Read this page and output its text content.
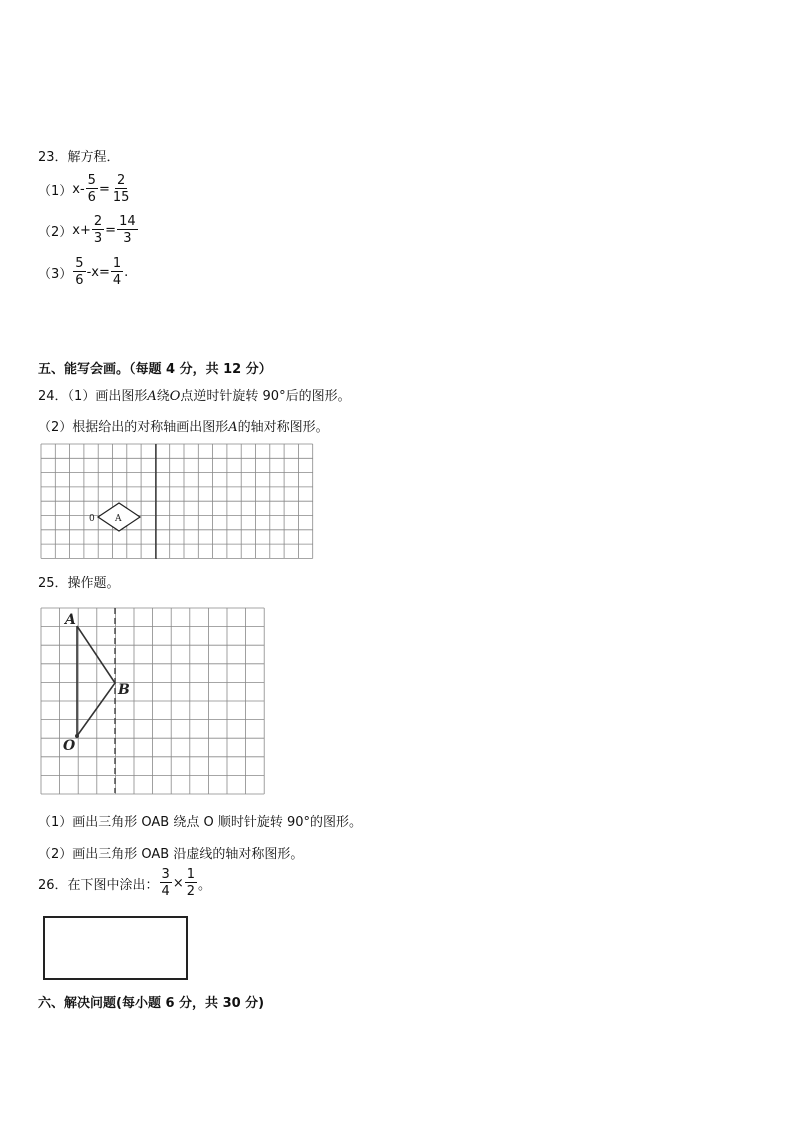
23．解方程．
（1） $x- \frac{5}{6} = \frac{2}{15}$
（2） $x+ \frac{2}{3} = \frac{14}{3}$
$(3) \frac{5}{6} -x= \frac{1}{4}$ .
五、能写会画。（每题 4 分，共 12 分）
24．（1）画出图形A绕O点逆时针旋转 90°后的图形。
（2）根据给出的对称轴画出图形A的轴对称图形。
0 A
25．操作题。
A
B
O
（1）画出三角形 OAB 绕点 O 顺时针旋转 90°的图形。
（2）画出三角形 OAB 沿虚线的轴对称图形。
26．在下图中涂出： $\frac{3}{4} \times \frac{1}{2}$ 。
六、解决问题(每小题 6 分，共 30 分)
